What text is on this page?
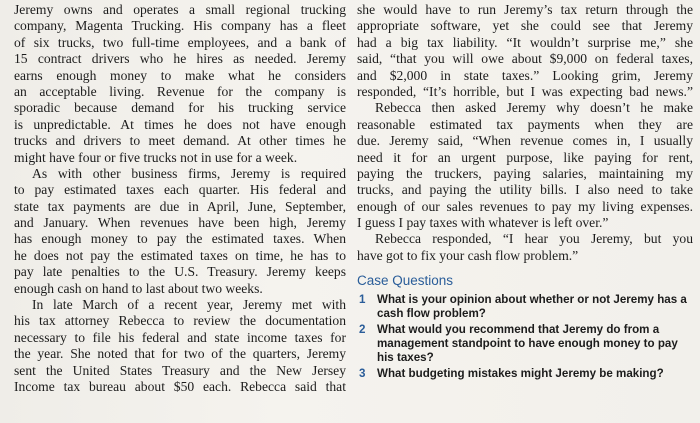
Jeremy owns and operates a small regional trucking
company, Magenta Trucking. His company has a fleet
of six trucks, two full-time employees, and a bank of
15 contract drivers who he hires as needed. Jeremy
earns enough money to make what he considers
an acceptable living. Revenue for the company is
sporadic because demand for his trucking service
is unpredictable. At times he does not have enough
trucks and drivers to meet demand. At other times he
might have four or five trucks not in use for a week.
As with other business firms, Jeremy is required
to pay estimated taxes each quarter. His federal and
state tax payments are due in April, June, September,
and January. When revenues have been high, Jeremy
has enough money to pay the estimated taxes. When
he does not pay the estimated taxes on time, he has to
pay late penalties to the U.S. Treasury. Jeremy keeps
enough cash on hand to last about two weeks.
In late March of a recent year, Jeremy met with
his tax attorney Rebecca to review the documentation
necessary to file his federal and state income taxes for
the year. She noted that for two of the quarters, Jeremy
sent the United States Treasury and the New Jersey
Income tax bureau about $50 each. Rebecca said that
she would have to run Jeremy’s tax return through the
appropriate software, yet she could see that Jeremy
had a big tax liability. “It wouldn’t surprise me,” she
said, “that you will owe about $9,000 on federal taxes,
and $2,000 in state taxes.” Looking grim, Jeremy
responded, “It’s horrible, but I was expecting bad news.”
Rebecca then asked Jeremy why doesn’t he make
reasonable estimated tax payments when they are
due. Jeremy said, “When revenue comes in, I usually
need it for an urgent purpose, like paying for rent,
paying the truckers, paying salaries, maintaining my
trucks, and paying the utility bills. I also need to take
enough of our sales revenues to pay my living expenses.
I guess I pay taxes with whatever is left over.”
Rebecca responded, “I hear you Jeremy, but you
have got to fix your cash flow problem.”
Case Questions
1 What is your opinion about whether or not Jeremy has a cash flow problem?
2 What would you recommend that Jeremy do from a management standpoint to have enough money to pay his taxes?
3 What budgeting mistakes might Jeremy be making?
